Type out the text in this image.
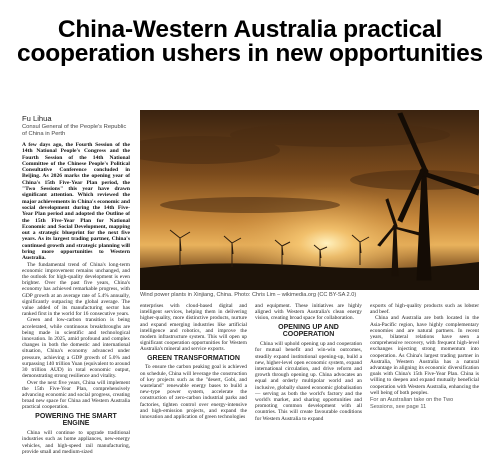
China-Western Australia practical cooperation ushers in new opportunities
Fu Lihua
Consul General of the People's Republic of China in Perth

A few days ago, the Fourth Session of the 14th National People's Congress and the Fourth Session of the 14th National Committee of the Chinese People's Political Consultative Conference concluded in Beijing. As 2026 marks the opening year of China's 15th Five-Year Plan period, the "Two Sessions" this year have drawn significant attention. Which reviewed the major achievements in China's economic and social development during the 14th Five-Year Plan period and adopted the Outline of the 15th Five-Year Plan for National Economic and Social Development, mapping out a strategic blueprint for the next five years. As its largest trading partner, China's continued growth and strategic planning will bring more opportunities to Western Australia.

The fundamental trend of China's long-term economic improvement remains unchanged, and the outlook for high-quality development is even brighter. Over the past five years, China's economy has achieved remarkable progress, with GDP growth at an average rate of 5.4% annually, significantly outpacing the global average. The value added of its manufacturing sector has ranked first in the world for 16 consecutive years.

Green and low-carbon transition is being accelerated, while continuous breakthroughs are being made in scientific and technological innovation. In 2025, amid profound and complex changes in both the domestic and international situation, China's economy advanced under pressure, achieving a GDP growth of 5.0% and surpassing 140 trillion Yuan (equivalent to around 30 trillion AUD) in total economic output, demonstrating strong resilience and vitality.

Over the next five years, China will implement the 15th Five-Year Plan, comprehensively advancing economic and social progress, creating broad new space for China and Western Australia practical cooperation.

POWERING THE SMART ENGINE

China will continue to upgrade traditional industries such as home appliances, new-energy vehicles, and high-speed rail manufacturing, provide small and medium-sized

Wind power plants in Xinjiang, China. Photo: Chris Lim – wikimedia.org (CC BY-SA 2.0)

enterprises with cloud-based digital and intelligent services, helping them in delivering higher-quality, more distinctive products, nurture and expand emerging industries like artificial intelligence and robotics, and improve the modern infrastructure system. This will open up significant cooperation opportunities for Western Australia's mineral and service exports.

GREEN TRANSFORMATION

To ensure the carbon peaking goal is achieved on schedule, China will leverage the construction of key projects such as the "desert, Gobi, and wasteland" renewable energy bases to build a new-type power system, accelerate the construction of zero-carbon industrial parks and factories, tighten control over energy-intensive and high-emission projects, and expand the innovation and application of green technologies

and equipment. These initiatives are highly aligned with Western Australia's clean energy vision, creating broad space for collaboration.

OPENING UP AND COOPERATION

China will uphold opening up and cooperation for mutual benefit and win-win outcomes, steadily expand institutional opening-up, build a new, higher-level open economic system, expand international circulation, and drive reform and growth through opening up. China advocates an equal and orderly multipolar world and an inclusive, globally shared economic globalisation — serving as both the world's factory and the world's market, and sharing opportunities and promoting common development with all countries. This will create favourable conditions for Western Australia to expand

exports of high-quality products such as lobster and beef.

China and Australia are both located in the Asia-Pacific region, have highly complementary economies and are natural partners. In recent years, bilateral relations have seen a comprehensive recovery, with frequent high-level exchanges injecting strong momentum into cooperation. As China's largest trading partner in Australia, Western Australia has a natural advantage in aligning its economic diversification goals with China's 15th Five-Year Plan. China is willing to deepen and expand mutually beneficial cooperation with Western Australia, enhancing the well being of both peoples.

For an Australian take on the Two Sessions, see page 11
